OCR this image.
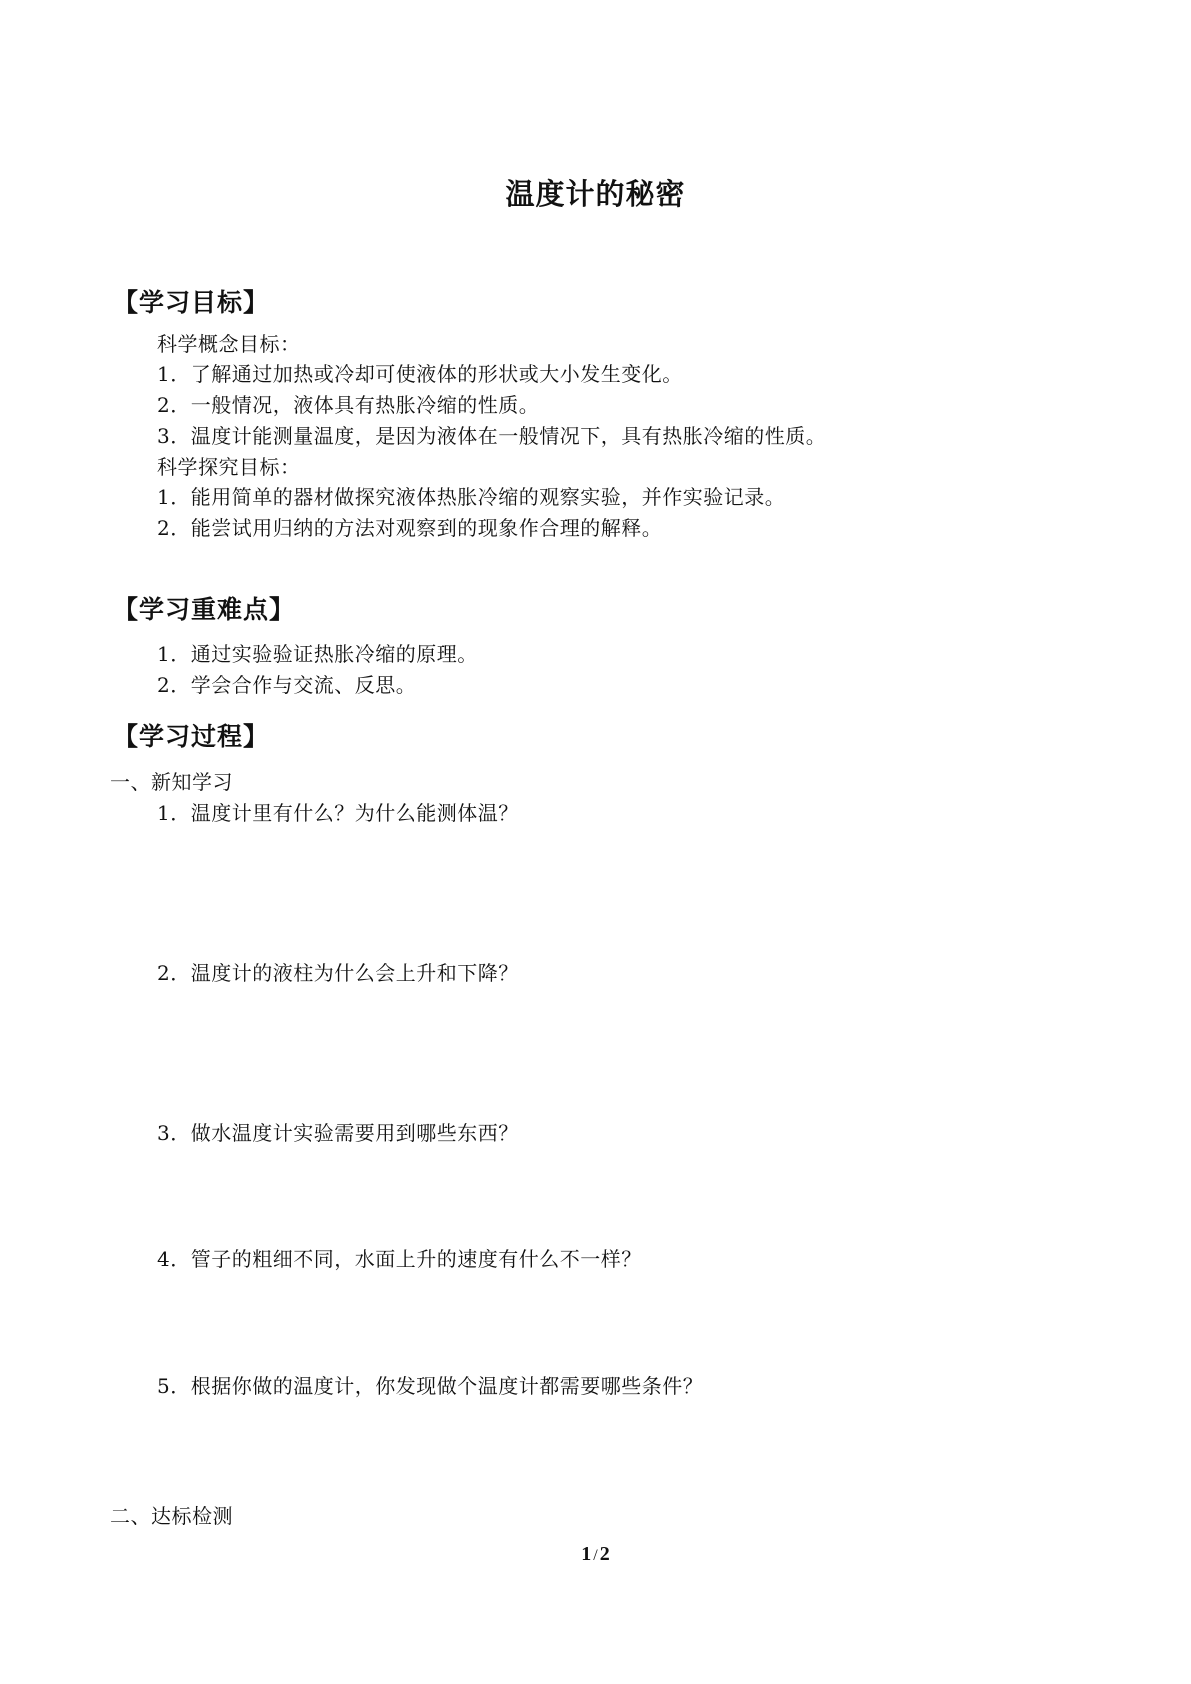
温度计的秘密
【学习目标】
科学概念目标：
1．了解通过加热或冷却可使液体的形状或大小发生变化。
2．一般情况，液体具有热胀冷缩的性质。
3．温度计能测量温度，是因为液体在一般情况下，具有热胀冷缩的性质。
科学探究目标：
1．能用简单的器材做探究液体热胀冷缩的观察实验，并作实验记录。
2．能尝试用归纳的方法对观察到的现象作合理的解释。
【学习重难点】
1．通过实验验证热胀冷缩的原理。
2．学会合作与交流、反思。
【学习过程】
一、新知学习
1．温度计里有什么？为什么能测体温？
2．温度计的液柱为什么会上升和下降？
3．做水温度计实验需要用到哪些东西？
4．管子的粗细不同，水面上升的速度有什么不一样？
5．根据你做的温度计，你发现做个温度计都需要哪些条件？
二、达标检测
1 / 2
